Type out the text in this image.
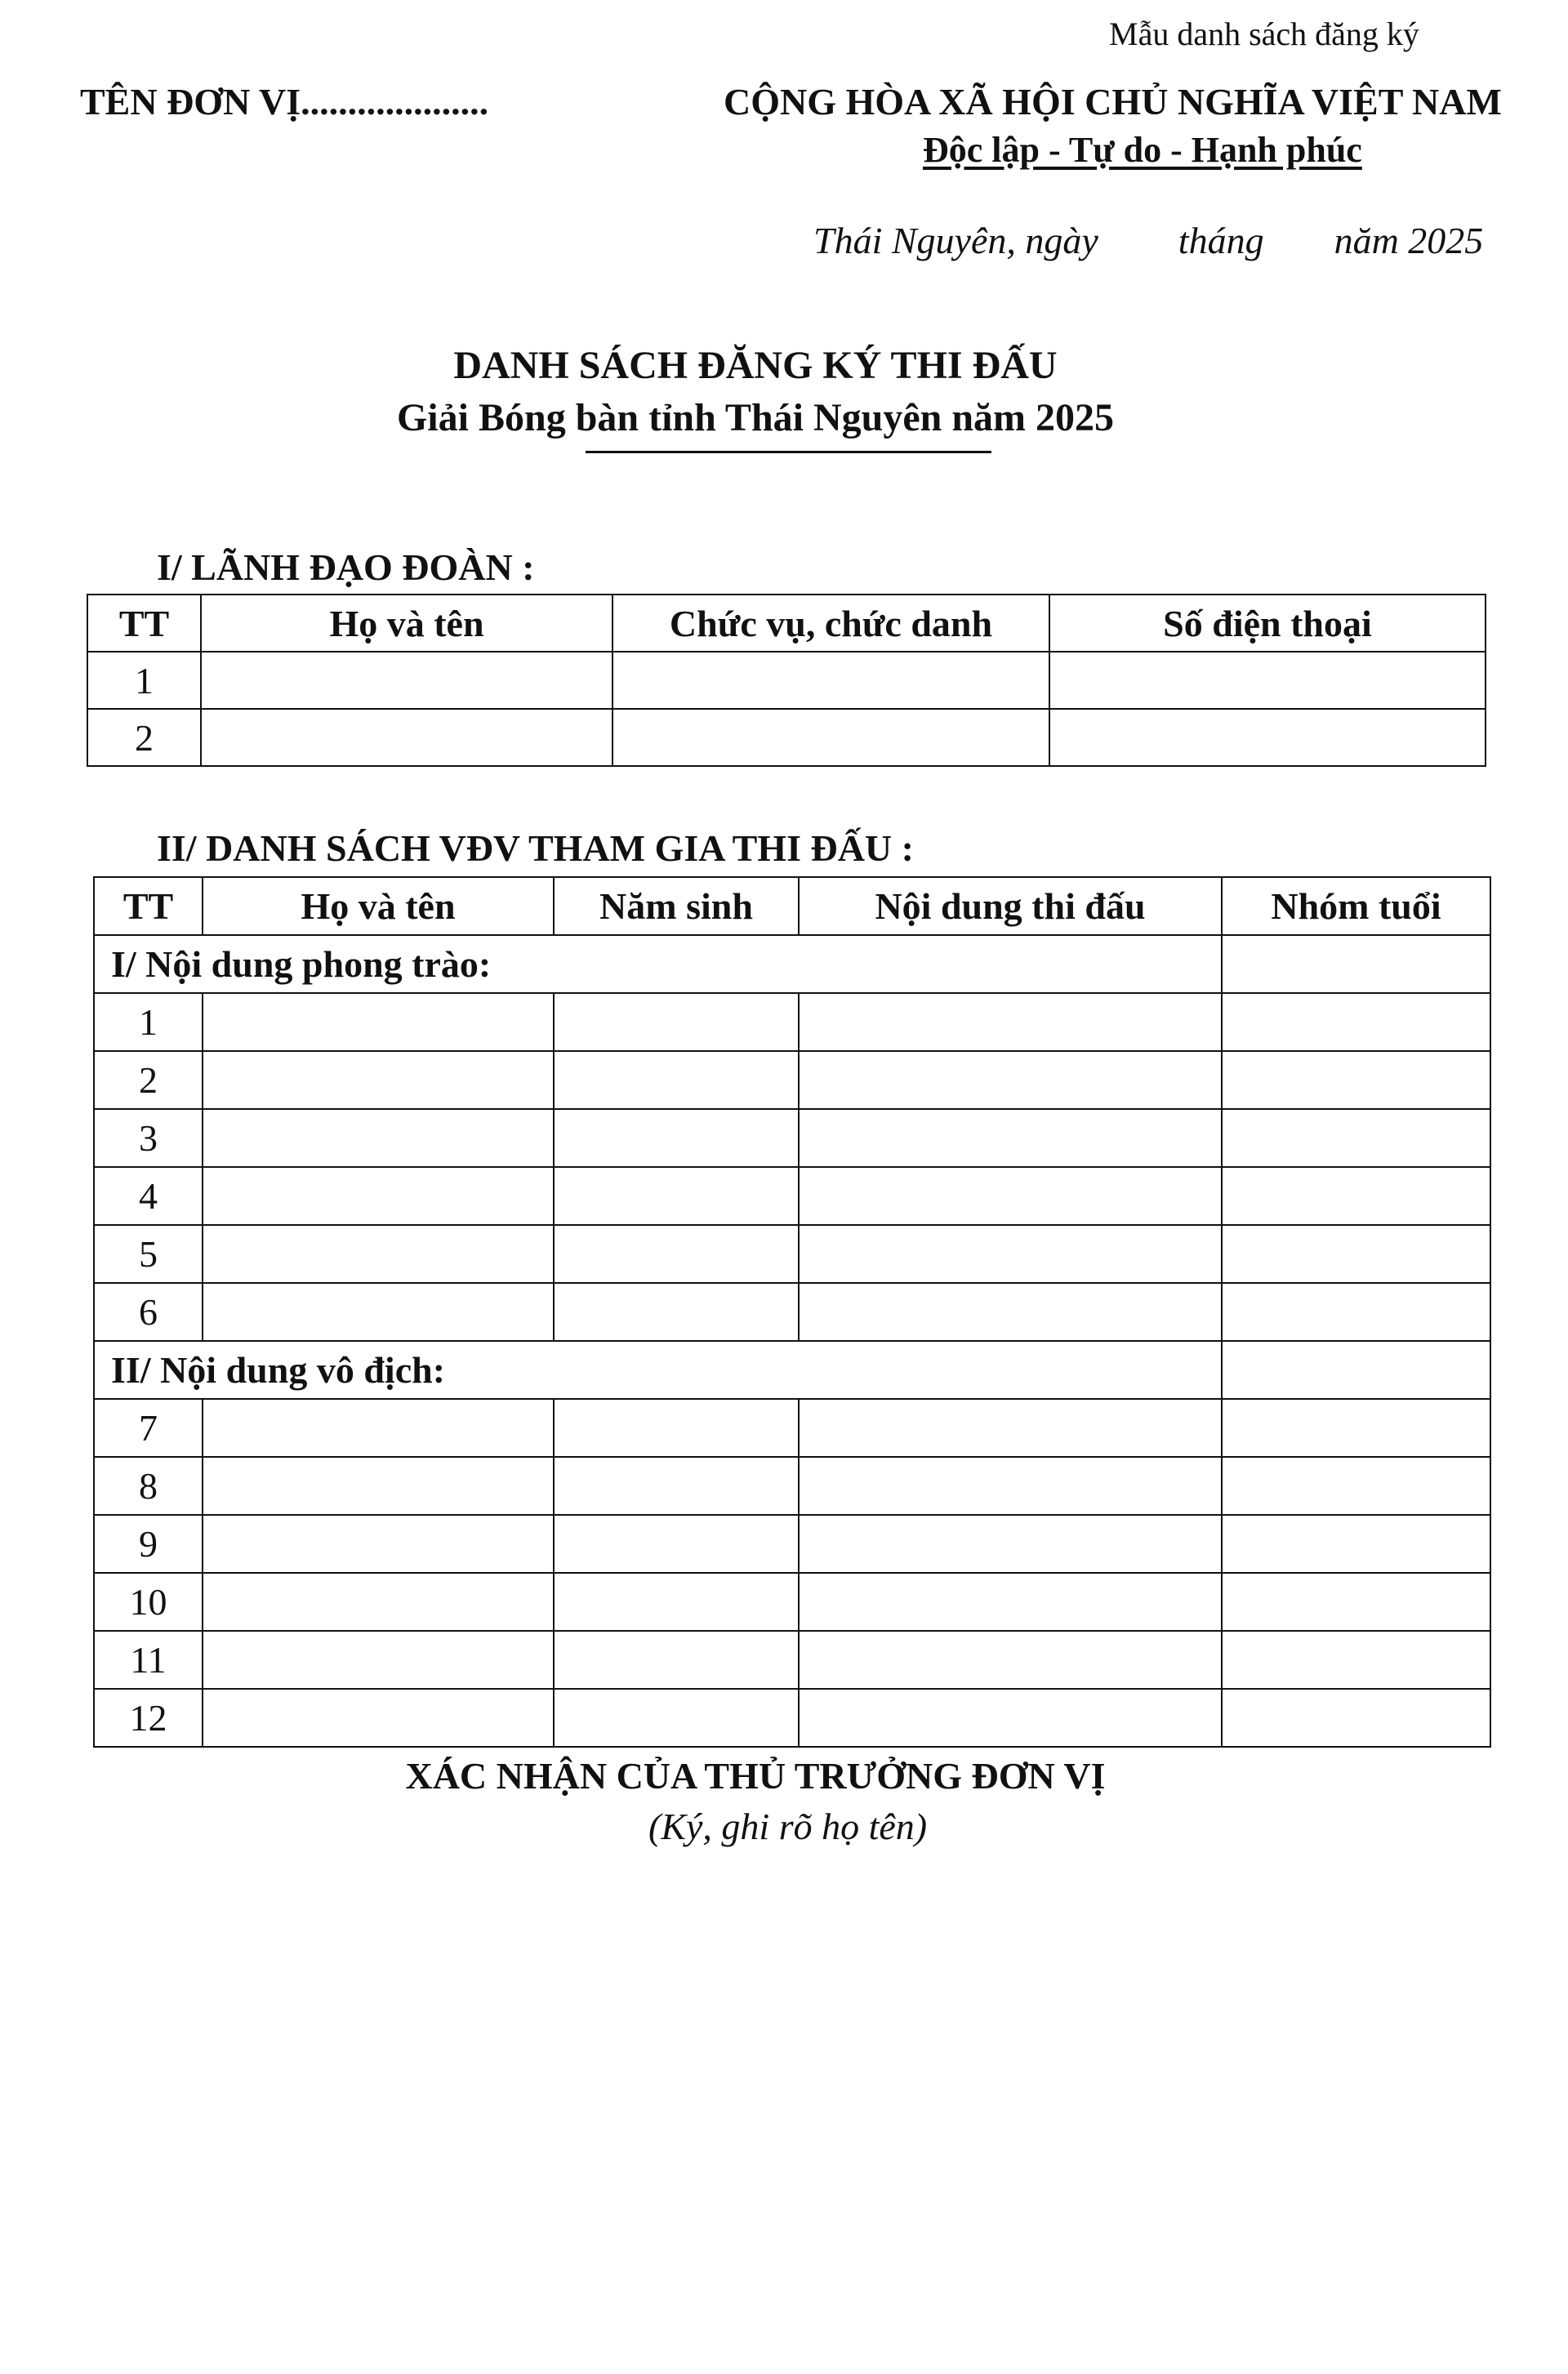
Mẫu danh sách đăng ký
TÊN ĐƠN VỊ....................	CỘNG HÒA XÃ HỘI CHỦ NGHĨA VIỆT NAM
Độc lập - Tự do - Hạnh phúc
Thái Nguyên, ngày tháng năm 2025
DANH SÁCH ĐĂNG KÝ THI ĐẤU
Giải Bóng bàn tỉnh Thái Nguyên năm 2025
I/ LÃNH ĐẠO ĐOÀN :
TT	Họ và tên	Chức vụ, chức danh	Số điện thoại
1			
2			
II/ DANH SÁCH VĐV THAM GIA THI ĐẤU :
TT	Họ và tên	Năm sinh	Nội dung thi đấu	Nhóm tuổi
I/ Nội dung phong trào:				
1				
2				
3				
4				
5				
6				
II/ Nội dung vô địch:				
7				
8				
9				
10				
11				
12				
XÁC NHẬN CỦA THỦ TRƯỞNG ĐƠN VỊ
(Ký, ghi rõ họ tên)
